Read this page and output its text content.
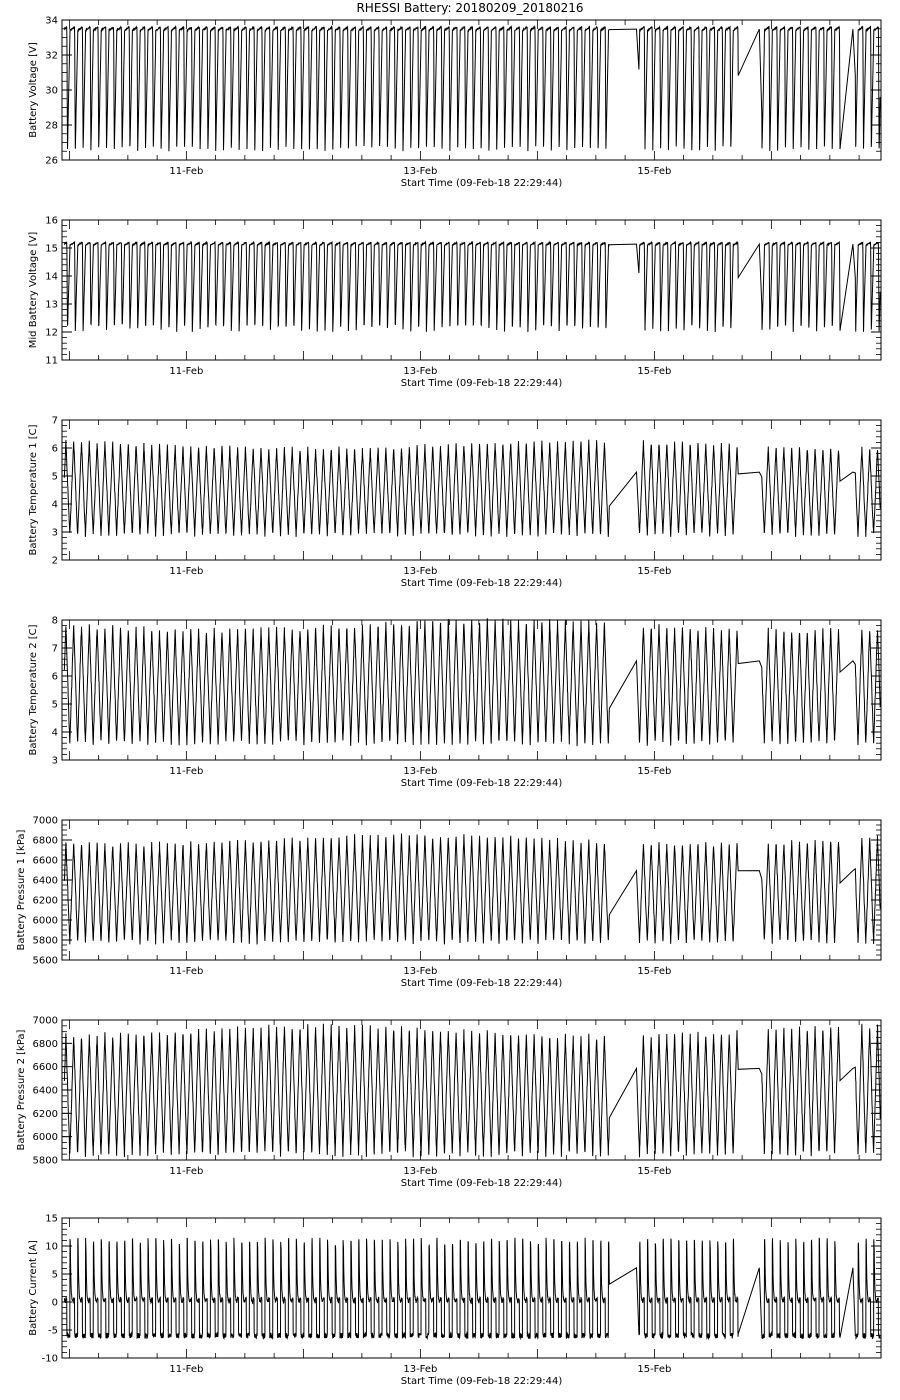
RHESSI Battery: 20180209_20180216
26
28
30
32
34
11-Feb	13-Feb	15-Feb
Start Time (09-Feb-18 22:29:44)
Battery Voltage [V]
11
12
13
14
15
16
11-Feb	13-Feb	15-Feb
Start Time (09-Feb-18 22:29:44)
Mid Battery Voltage [V]
2
3
4
5
6
7
11-Feb	13-Feb	15-Feb
Start Time (09-Feb-18 22:29:44)
Battery Temperature 1 [C]
3
4
5
6
7
8
11-Feb	13-Feb	15-Feb
Start Time (09-Feb-18 22:29:44)
Battery Temperature 2 [C]
5600
5800
6000
6200
6400
6600
6800
7000
11-Feb	13-Feb	15-Feb
Start Time (09-Feb-18 22:29:44)
Battery Pressure 1 [kPa]
5800
6000
6200
6400
6600
6800
7000
11-Feb	13-Feb	15-Feb
Start Time (09-Feb-18 22:29:44)
Battery Pressure 2 [kPa]
-10
-5
0
5
10
15
11-Feb	13-Feb	15-Feb
Start Time (09-Feb-18 22:29:44)
Battery Current [A]
